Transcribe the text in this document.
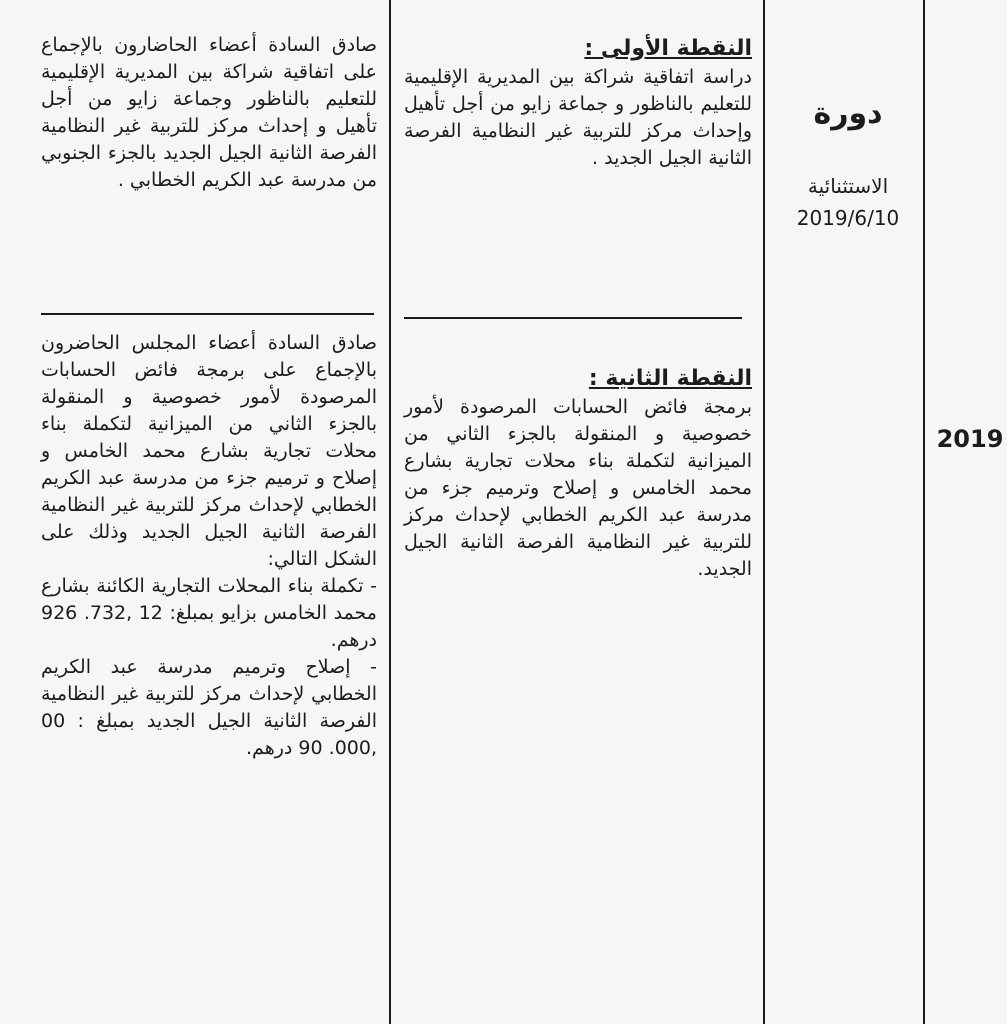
2019
دورة
الاستثنائية
2019/6/10
النقطة الأولى :

دراسة اتفاقية شراكة بين المديرية الإقليمية للتعليم بالناظور و جماعة زايو من أجل تأهيل وإحداث مركز للتربية غير النظامية الفرصة الثانية الجيل الجديد .

النقطة الثانية :

برمجة فائض الحسابات المرصودة لأمور خصوصية و المنقولة بالجزء الثاني من الميزانية لتكملة بناء محلات تجارية بشارع محمد الخامس و إصلاح وترميم جزء من مدرسة عبد الكريم الخطابي لإحداث مركز للتربية غير النظامية الفرصة الثانية الجيل الجديد.

صادق السادة أعضاء الحاضارون بالإجماع على اتفاقية شراكة بين المديرية الإقليمية للتعليم بالناظور وجماعة زايو من أجل تأهيل و إحداث مركز للتربية غير النظامية الفرصة الثانية الجيل الجديد بالجزء الجنوبي من مدرسة عبد الكريم الخطابي .

صادق السادة أعضاء المجلس الحاضرون بالإجماع على برمجة فائض الحسابات المرصودة لأمور خصوصية و المنقولة بالجزء الثاني من الميزانية لتكملة بناء محلات تجارية بشارع محمد الخامس و إصلاح و ترميم جزء من مدرسة عبد الكريم الخطابي لإحداث مركز للتربية غير النظامية الفرصة الثانية الجيل الجديد وذلك على الشكل التالي:

- تكملة بناء المحلات التجارية الكائنة بشارع محمد الخامس بزايو بمبلغ: 12 ,732. 926 درهم.

- إصلاح وترميم مدرسة عبد الكريم الخطابي لإحداث مركز للتربية غير النظامية الفرصة الثانية الجيل الجديد بمبلغ : 00 ,000. 90 درهم.
